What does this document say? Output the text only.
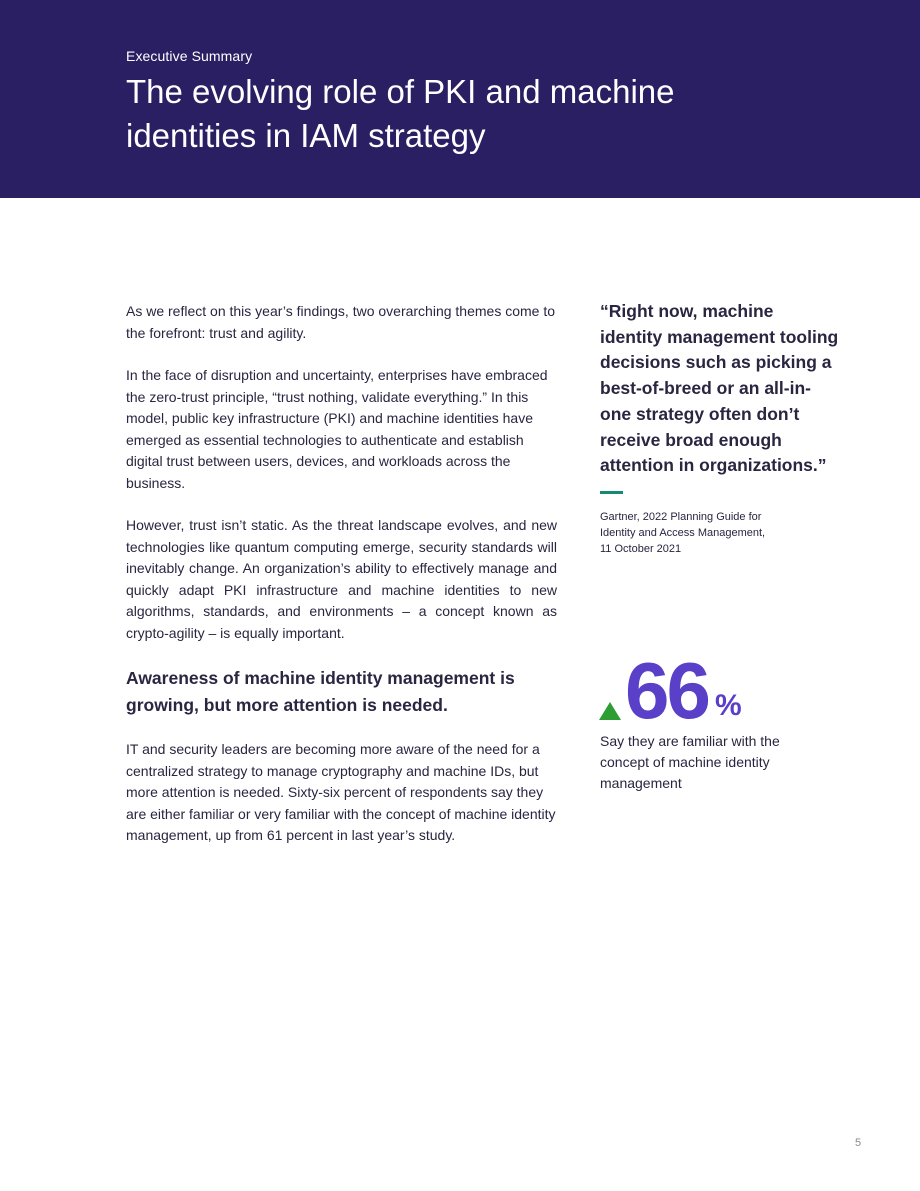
Executive Summary
The evolving role of PKI and machine identities in IAM strategy

As we reflect on this year’s findings, two overarching themes come to the forefront: trust and agility.

In the face of disruption and uncertainty, enterprises have embraced the zero-trust principle, “trust nothing, validate everything.” In this model, public key infrastructure (PKI) and machine identities have emerged as essential technologies to authenticate and establish digital trust between users, devices, and workloads across the business.

However, trust isn’t static. As the threat landscape evolves, and new technologies like quantum computing emerge, security standards will inevitably change. An organization’s ability to effectively manage and quickly adapt PKI infrastructure and machine identities to new algorithms, standards, and environments – a concept known as crypto-agility – is equally important.

Awareness of machine identity management is growing, but more attention is needed.

IT and security leaders are becoming more aware of the need for a centralized strategy to manage cryptography and machine IDs, but more attention is needed. Sixty-six percent of respondents say they are either familiar or very familiar with the concept of machine identity management, up from 61 percent in last year’s study.

“Right now, machine identity management tooling decisions such as picking a best-of-breed or an all-in-one strategy often don’t receive broad enough attention in organizations.”
Gartner, 2022 Planning Guide for
Identity and Access Management,
11 October 2021
66 %
Say they are familiar with the concept of machine identity management
5
